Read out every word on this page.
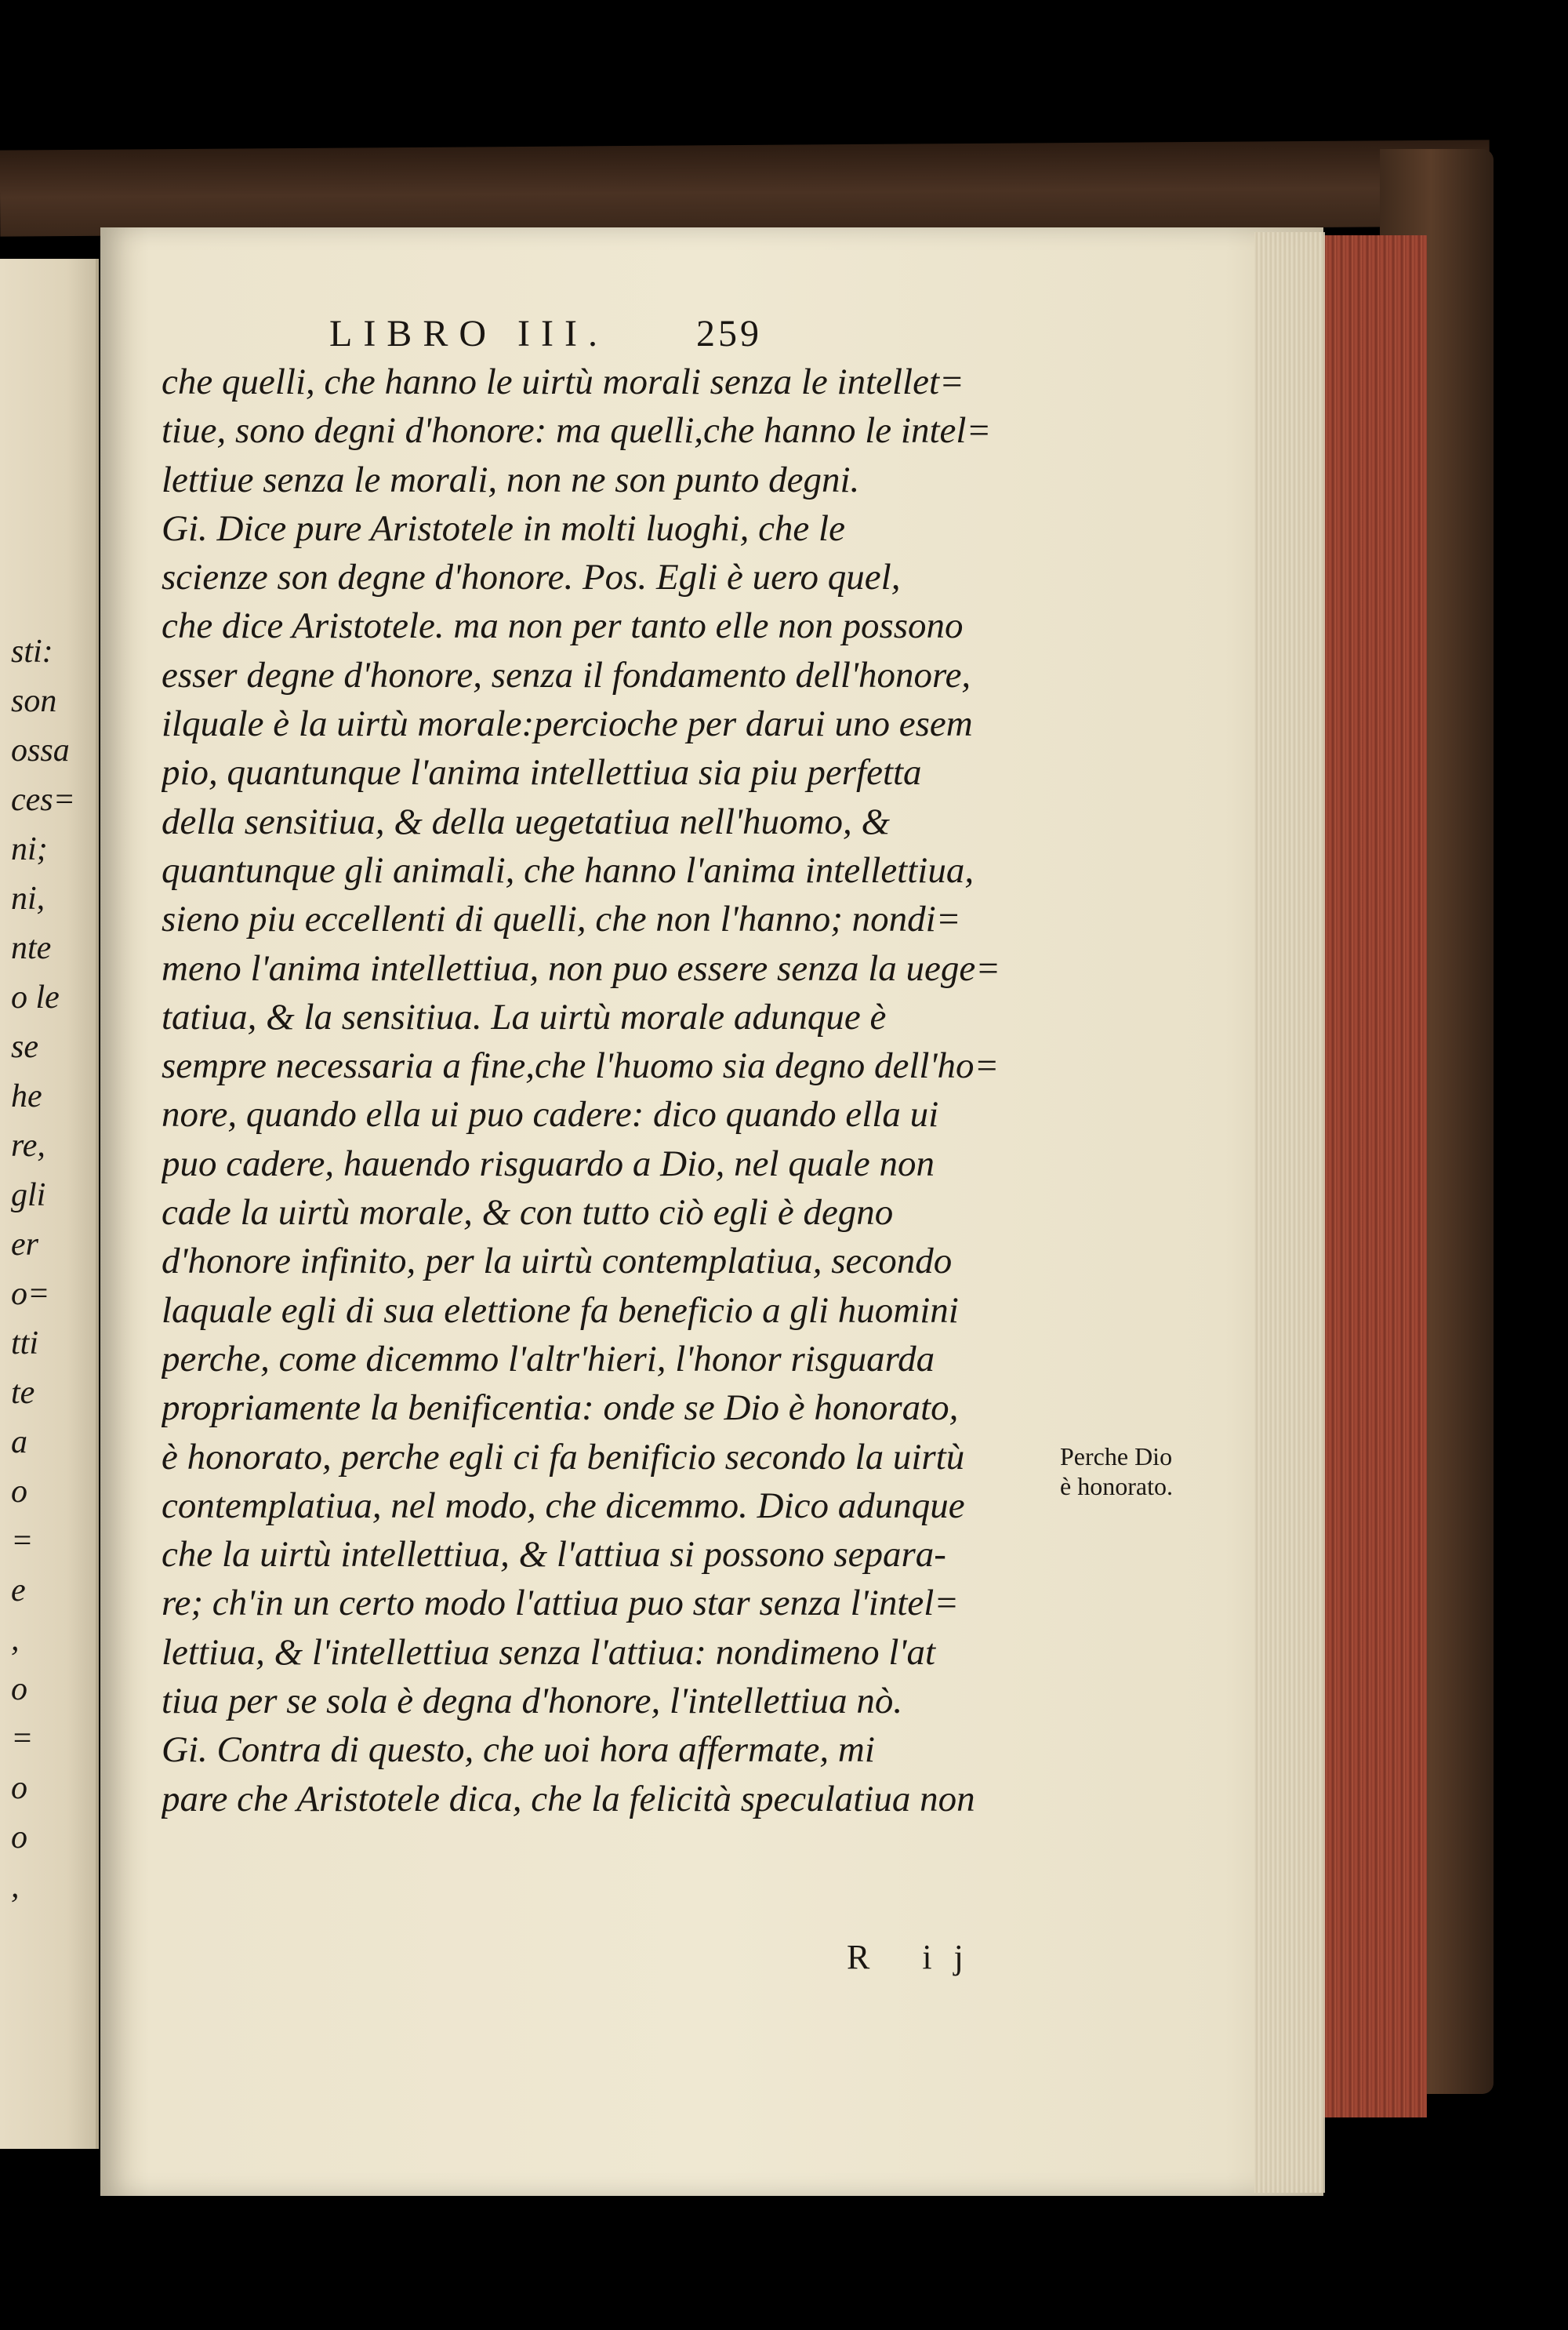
sti:
son
ossa
ces=
ni;
ni,
nte
o le
se
he
re,
gli
er
o=
tti
te
a
o
=
e
,
o
=
o
o
,

LIBRO III. 259

che quelli, che hanno le uirtù morali senza le intellet=
tiue, sono degni d'honore: ma quelli,che hanno le intel=
lettiue senza le morali, non ne son punto degni.
Gi. Dice pure Aristotele in molti luoghi, che le
scienze son degne d'honore. Pos. Egli è uero quel,
che dice Aristotele. ma non per tanto elle non possono
esser degne d'honore, senza il fondamento dell'honore,
ilquale è la uirtù morale:percioche per darui uno esem
pio, quantunque l'anima intellettiua sia piu perfetta
della sensitiua, & della uegetatiua nell'huomo, &
quantunque gli animali, che hanno l'anima intellettiua,
sieno piu eccellenti di quelli, che non l'hanno; nondi=
meno l'anima intellettiua, non puo essere senza la uege=
tatiua, & la sensitiua. La uirtù morale adunque è
sempre necessaria a fine,che l'huomo sia degno dell'ho=
nore, quando ella ui puo cadere: dico quando ella ui
puo cadere, hauendo risguardo a Dio, nel quale non
cade la uirtù morale, & con tutto ciò egli è degno
d'honore infinito, per la uirtù contemplatiua, secondo
laquale egli di sua elettione fa beneficio a gli huomini
perche, come dicemmo l'altr'hieri, l'honor risguarda
propriamente la benificentia: onde se Dio è honorato,
è honorato, perche egli ci fa benificio secondo la uirtù
contemplatiua, nel modo, che dicemmo. Dico adunque
che la uirtù intellettiua, & l'attiua si possono separa-
re; ch'in un certo modo l'attiua puo star senza l'intel=
lettiua, & l'intellettiua senza l'attiua: nondimeno l'at
tiua per se sola è degna d'honore, l'intellettiua nò.
Gi. Contra di questo, che uoi hora affermate, mi
pare che Aristotele dica, che la felicità speculatiua non

Perche Dio
è honorato.

R ij
